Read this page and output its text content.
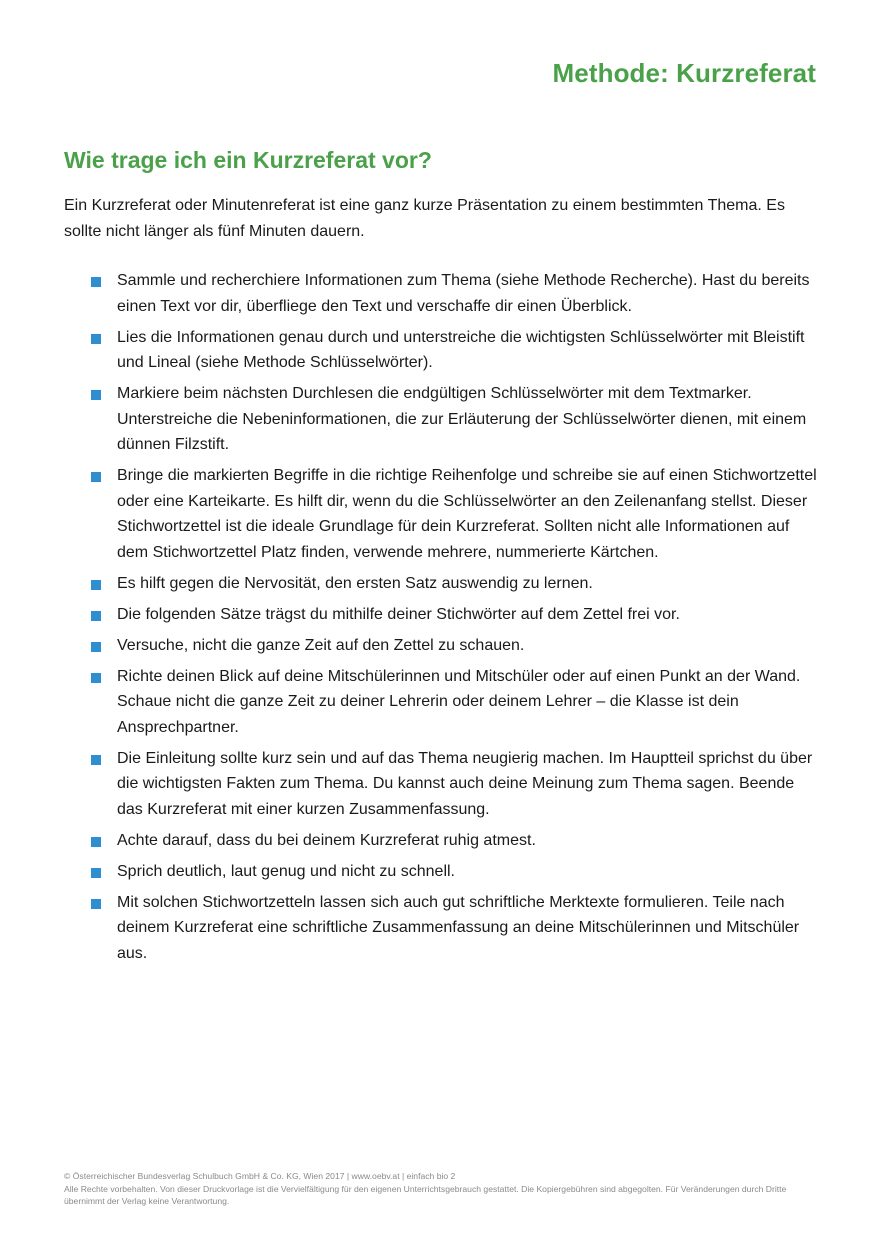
Methode: Kurzreferat
Wie trage ich ein Kurzreferat vor?

Ein Kurzreferat oder Minutenreferat ist eine ganz kurze Präsentation zu einem bestimmten Thema. Es sollte nicht länger als fünf Minuten dauern.

Sammle und recherchiere Informationen zum Thema (siehe Methode Recherche). Hast du bereits einen Text vor dir, überfliege den Text und verschaffe dir einen Überblick.
Lies die Informationen genau durch und unterstreiche die wichtigsten Schlüsselwörter mit Bleistift und Lineal (siehe Methode Schlüsselwörter).
Markiere beim nächsten Durchlesen die endgültigen Schlüsselwörter mit dem Textmarker. Unterstreiche die Nebeninformationen, die zur Erläuterung der Schlüsselwörter dienen, mit einem dünnen Filzstift.
Bringe die markierten Begriffe in die richtige Reihenfolge und schreibe sie auf einen Stichwortzettel oder eine Karteikarte. Es hilft dir, wenn du die Schlüsselwörter an den Zeilenanfang stellst. Dieser Stichwortzettel ist die ideale Grundlage für dein Kurzreferat. Sollten nicht alle Informationen auf dem Stichwortzettel Platz finden, verwende mehrere, nummerierte Kärtchen.
Es hilft gegen die Nervosität, den ersten Satz auswendig zu lernen.
Die folgenden Sätze trägst du mithilfe deiner Stichwörter auf dem Zettel frei vor.
Versuche, nicht die ganze Zeit auf den Zettel zu schauen.
Richte deinen Blick auf deine Mitschülerinnen und Mitschüler oder auf einen Punkt an der Wand. Schaue nicht die ganze Zeit zu deiner Lehrerin oder deinem Lehrer – die Klasse ist dein Ansprechpartner.
Die Einleitung sollte kurz sein und auf das Thema neugierig machen. Im Hauptteil sprichst du über die wichtigsten Fakten zum Thema. Du kannst auch deine Meinung zum Thema sagen. Beende das Kurzreferat mit einer kurzen Zusammenfassung.
Achte darauf, dass du bei deinem Kurzreferat ruhig atmest.
Sprich deutlich, laut genug und nicht zu schnell.
Mit solchen Stichwortzetteln lassen sich auch gut schriftliche Merktexte formulieren. Teile nach deinem Kurzreferat eine schriftliche Zusammenfassung an deine Mitschülerinnen und Mitschüler aus.

© Österreichischer Bundesverlag Schulbuch GmbH & Co. KG, Wien 2017 | www.oebv.at | einfach bio 2

Alle Rechte vorbehalten. Von dieser Druckvorlage ist die Vervielfältigung für den eigenen Unterrichtsgebrauch gestattet. Die Kopiergebühren sind abgegolten. Für Veränderungen durch Dritte übernimmt der Verlag keine Verantwortung.
